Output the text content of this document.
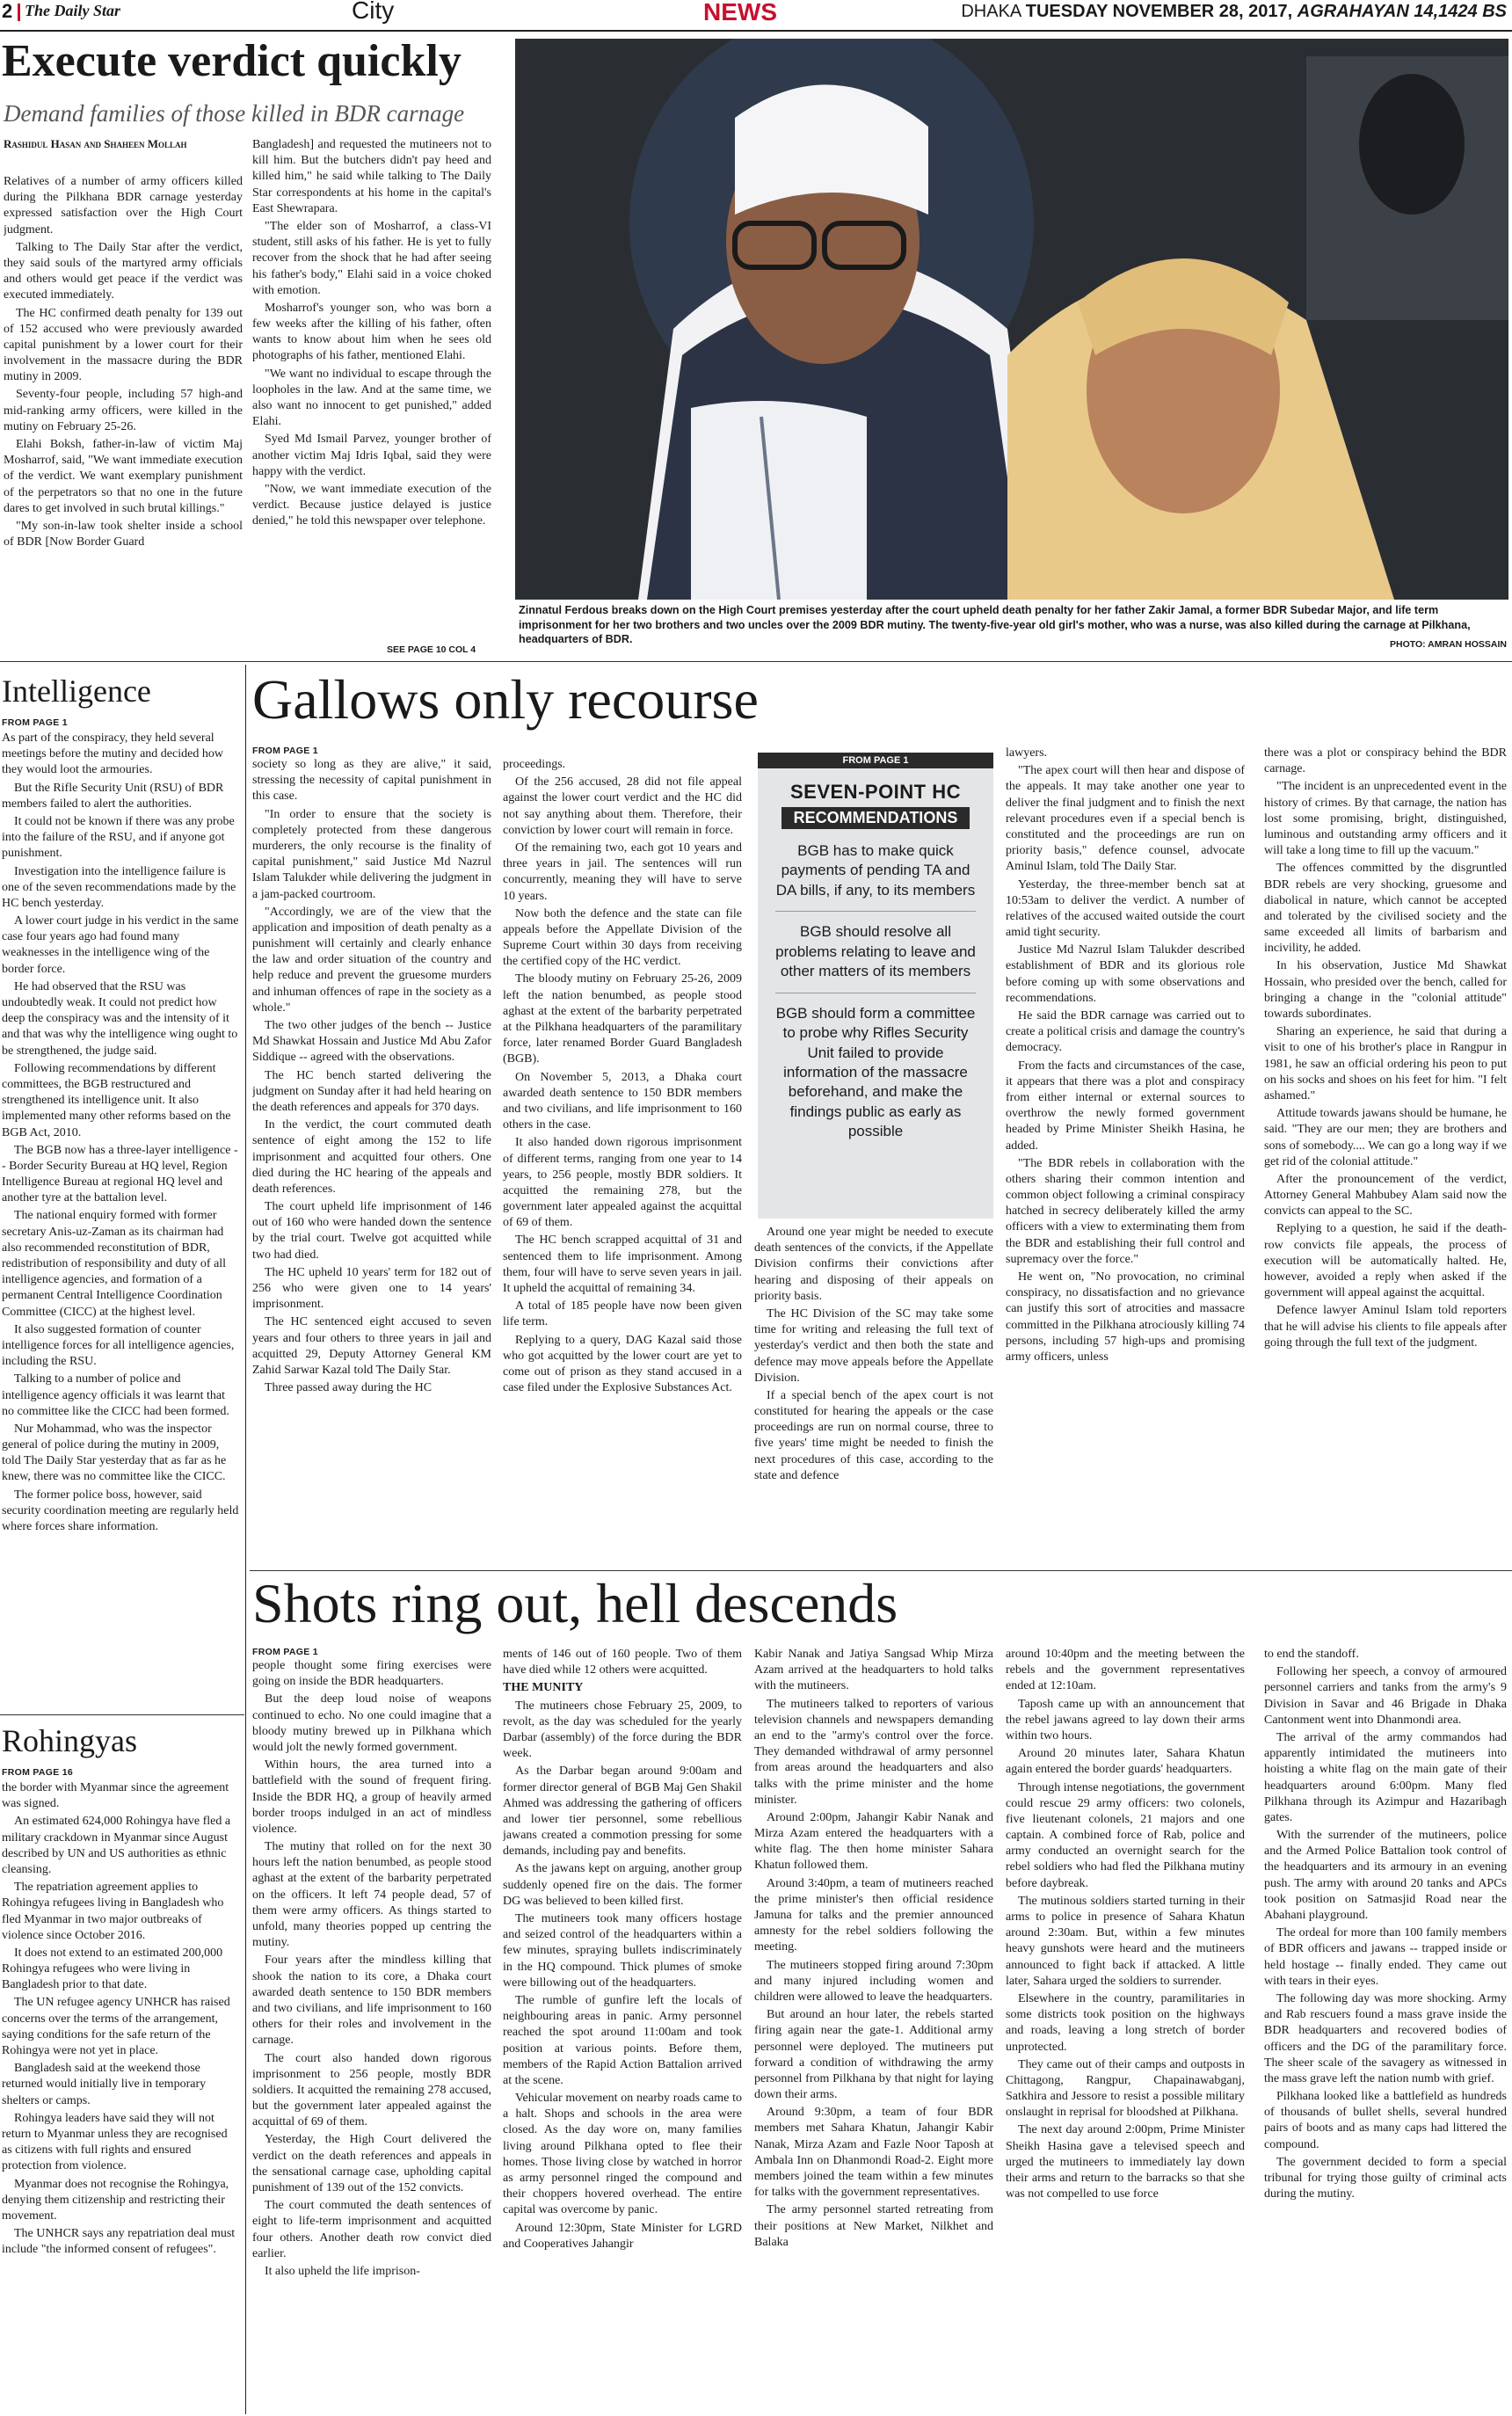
2 The Daily Star	City	NEWS	DHAKA TUESDAY NOVEMBER 28, 2017, AGRAHAYAN 14,1424 BS
Execute verdict quickly
Demand families of those killed in BDR carnage
Rashidul Hasan and Shaheen Mollah

Relatives of a number of army officers killed during the Pilkhana BDR carnage yesterday expressed satisfaction over the High Court judgment.

Talking to The Daily Star after the verdict, they said souls of the martyred army officials and others would get peace if the verdict was executed immediately.

The HC confirmed death penalty for 139 out of 152 accused who were previously awarded capital punishment by a lower court for their involvement in the massacre during the BDR mutiny in 2009.

Seventy-four people, including 57 high-and mid-ranking army officers, were killed in the mutiny on February 25-26.

Elahi Boksh, father-in-law of victim Maj Mosharrof, said, "We want immediate execution of the verdict. We want exemplary punishment of the perpetrators so that no one in the future dares to get involved in such brutal killings."

"My son-in-law took shelter inside a school of BDR [Now Border Guard

Bangladesh] and requested the mutineers not to kill him. But the butchers didn't pay heed and killed him," he said while talking to The Daily Star correspondents at his home in the capital's East Shewrapara.

"The elder son of Mosharrof, a class-VI student, still asks of his father. He is yet to fully recover from the shock that he had after seeing his father's body," Elahi said in a voice choked with emotion.

Mosharrof's younger son, who was born a few weeks after the killing of his father, often wants to know about him when he sees old photographs of his father, mentioned Elahi.

"We want no individual to escape through the loopholes in the law. And at the same time, we also want no innocent to get punished," added Elahi.

Syed Md Ismail Parvez, younger brother of another victim Maj Idris Iqbal, said they were happy with the verdict.

"Now, we want immediate execution of the verdict. Because justice delayed is justice denied," he told this newspaper over telephone.

SEE PAGE 10 COL 4
Zinnatul Ferdous breaks down on the High Court premises yesterday after the court upheld death penalty for her father Zakir Jamal, a former BDR Subedar Major, and life term imprisonment for her two brothers and two uncles over the 2009 BDR mutiny. The twenty-five-year old girl's mother, who was a nurse, was also killed during the carnage at Pilkhana, headquarters of BDR.	PHOTO: AMRAN HOSSAIN
Intelligence
FROM PAGE 1

As part of the conspiracy, they held several meetings before the mutiny and decided how they would loot the armouries.

But the Rifle Security Unit (RSU) of BDR members failed to alert the authorities.

It could not be known if there was any probe into the failure of the RSU, and if anyone got punishment.

Investigation into the intelligence failure is one of the seven recommendations made by the HC bench yesterday.

A lower court judge in his verdict in the same case four years ago had found many weaknesses in the intelligence wing of the border force.

He had observed that the RSU was undoubtedly weak. It could not predict how deep the conspiracy was and the intensity of it and that was why the intelligence wing ought to be strengthened, the judge said.

Following recommendations by different committees, the BGB restructured and strengthened its intelligence unit. It also implemented many other reforms based on the BGB Act, 2010.

The BGB now has a three-layer intelligence -- Border Security Bureau at HQ level, Region Intelligence Bureau at regional HQ level and another tyre at the battalion level.

The national enquiry formed with former secretary Anis-uz-Zaman as its chairman had also recommended reconstitution of BDR, redistribution of responsibility and duty of all intelligence agencies, and formation of a permanent Central Intelligence Coordination Committee (CICC) at the highest level.

It also suggested formation of counter intelligence forces for all intelligence agencies, including the RSU.

Talking to a number of police and intelligence agency officials it was learnt that no committee like the CICC had been formed.

Nur Mohammad, who was the inspector general of police during the mutiny in 2009, told The Daily Star yesterday that as far as he knew, there was no committee like the CICC.

The former police boss, however, said security coordination meeting are regularly held where forces share information.

Rohingyas
FROM PAGE 16

the border with Myanmar since the agreement was signed.

An estimated 624,000 Rohingya have fled a military crackdown in Myanmar since August described by UN and US authorities as ethnic cleansing.

The repatriation agreement applies to Rohingya refugees living in Bangladesh who fled Myanmar in two major outbreaks of violence since October 2016.

It does not extend to an estimated 200,000 Rohingya refugees who were living in Bangladesh prior to that date.

The UN refugee agency UNHCR has raised concerns over the terms of the arrangement, saying conditions for the safe return of the Rohingya were not yet in place.

Bangladesh said at the weekend those returned would initially live in temporary shelters or camps.

Rohingya leaders have said they will not return to Myanmar unless they are recognised as citizens with full rights and ensured protection from violence.

Myanmar does not recognise the Rohingya, denying them citizenship and restricting their movement.

The UNHCR says any repatriation deal must include "the informed consent of refugees".

Gallows only recourse
FROM PAGE 1

society so long as they are alive," it said, stressing the necessity of capital punishment in this case.

"In order to ensure that the society is completely protected from these dangerous murderers, the only recourse is the finality of capital punishment," said Justice Md Nazrul Islam Talukder while delivering the judgment in a jam-packed courtroom.

"Accordingly, we are of the view that the application and imposition of death penalty as a punishment will certainly and clearly enhance the law and order situation of the country and help reduce and prevent the gruesome murders and inhuman offences of rape in the society as a whole."

The two other judges of the bench -- Justice Md Shawkat Hossain and Justice Md Abu Zafor Siddique -- agreed with the observations.

The HC bench started delivering the judgment on Sunday after it had held hearing on the death references and appeals for 370 days.

In the verdict, the court commuted death sentence of eight among the 152 to life imprisonment and acquitted four others. One died during the HC hearing of the appeals and death references.

The court upheld life imprisonment of 146 out of 160 who were handed down the sentence by the trial court. Twelve got acquitted while two had died.

The HC upheld 10 years' term for 182 out of 256 who were given one to 14 years' imprisonment.

The HC sentenced eight accused to seven years and four others to three years in jail and acquitted 29, Deputy Attorney General KM Zahid Sarwar Kazal told The Daily Star.

Three passed away during the HC

proceedings.

Of the 256 accused, 28 did not file appeal against the lower court verdict and the HC did not say anything about them. Therefore, their conviction by lower court will remain in force.

Of the remaining two, each got 10 years and three years in jail. The sentences will run concurrently, meaning they will have to serve 10 years.

Now both the defence and the state can file appeals before the Appellate Division of the Supreme Court within 30 days from receiving the certified copy of the HC verdict.

The bloody mutiny on February 25-26, 2009 left the nation benumbed, as people stood aghast at the extent of the barbarity perpetrated at the Pilkhana headquarters of the paramilitary force, later renamed Border Guard Bangladesh (BGB).

On November 5, 2013, a Dhaka court awarded death sentence to 150 BDR members and two civilians, and life imprisonment to 160 others in the case.

It also handed down rigorous imprisonment of different terms, ranging from one year to 14 years, to 256 people, mostly BDR soldiers. It acquitted the remaining 278, but the government later appealed against the acquittal of 69 of them.

The HC bench scrapped acquittal of 31 and sentenced them to life imprisonment. Among them, four will have to serve seven years in jail. It upheld the acquittal of remaining 34.

A total of 185 people have now been given life term.

Replying to a query, DAG Kazal said those who got acquitted by the lower court are yet to come out of prison as they stand accused in a case filed under the Explosive Substances Act.

FROM PAGE 1
SEVEN-POINT HC
RECOMMENDATIONS
BGB has to make quick payments of pending TA and DA bills, if any, to its members
BGB should resolve all problems relating to leave and other matters of its members
BGB should form a committee to probe why Rifles Security Unit failed to provide information of the massacre beforehand, and make the findings public as early as possible

Around one year might be needed to execute death sentences of the convicts, if the Appellate Division confirms their convictions after hearing and disposing of their appeals on priority basis.

The HC Division of the SC may take some time for writing and releasing the full text of yesterday's verdict and then both the state and defence may move appeals before the Appellate Division.

If a special bench of the apex court is not constituted for hearing the appeals or the case proceedings are run on normal course, three to five years' time might be needed to finish the next procedures of this case, according to the state and defence

lawyers.

"The apex court will then hear and dispose of the appeals. It may take another one year to deliver the final judgment and to finish the next relevant procedures even if a special bench is constituted and the proceedings are run on priority basis," defence counsel, advocate Aminul Islam, told The Daily Star.

Yesterday, the three-member bench sat at 10:53am to deliver the verdict. A number of relatives of the accused waited outside the court amid tight security.

Justice Md Nazrul Islam Talukder described establishment of BDR and its glorious role before coming up with some observations and recommendations.

He said the BDR carnage was carried out to create a political crisis and damage the country's democracy.

From the facts and circumstances of the case, it appears that there was a plot and conspiracy from either internal or external sources to overthrow the newly formed government headed by Prime Minister Sheikh Hasina, he added.

"The BDR rebels in collaboration with the others sharing their common intention and common object following a criminal conspiracy hatched in secrecy deliberately killed the army officers with a view to exterminating them from the BDR and establishing their full control and supremacy over the force."

He went on, "No provocation, no criminal conspiracy, no dissatisfaction and no grievance can justify this sort of atrocities and massacre committed in the Pilkhana atrociously killing 74 persons, including 57 high-ups and promising army officers, unless

there was a plot or conspiracy behind the BDR carnage.

"The incident is an unprecedented event in the history of crimes. By that carnage, the nation has lost some promising, bright, distinguished, luminous and outstanding army officers and it will take a long time to fill up the vacuum."

The offences committed by the disgruntled BDR rebels are very shocking, gruesome and diabolical in nature, which cannot be accepted and tolerated by the civilised society and the same exceeded all limits of barbarism and incivility, he added.

In his observation, Justice Md Shawkat Hossain, who presided over the bench, called for bringing a change in the "colonial attitude" towards subordinates.

Sharing an experience, he said that during a visit to one of his brother's place in Rangpur in 1981, he saw an official ordering his peon to put on his socks and shoes on his feet for him. "I felt ashamed."

Attitude towards jawans should be humane, he said. "They are our men; they are brothers and sons of somebody.... We can go a long way if we get rid of the colonial attitude."

After the pronouncement of the verdict, Attorney General Mahbubey Alam said now the convicts can appeal to the SC.

Replying to a question, he said if the death-row convicts file appeals, the process of execution will be automatically halted. He, however, avoided a reply when asked if the government will appeal against the acquittal.

Defence lawyer Aminul Islam told reporters that he will advise his clients to file appeals after going through the full text of the judgment.

Shots ring out, hell descends
FROM PAGE 1

people thought some firing exercises were going on inside the BDR headquarters.

But the deep loud noise of weapons continued to echo. No one could imagine that a bloody mutiny brewed up in Pilkhana which would jolt the newly formed government.

Within hours, the area turned into a battlefield with the sound of frequent firing. Inside the BDR HQ, a group of heavily armed border troops indulged in an act of mindless violence.

The mutiny that rolled on for the next 30 hours left the nation benumbed, as people stood aghast at the extent of the barbarity perpetrated on the officers. It left 74 people dead, 57 of them were army officers. As things started to unfold, many theories popped up centring the mutiny.

Four years after the mindless killing that shook the nation to its core, a Dhaka court awarded death sentence to 150 BDR members and two civilians, and life imprisonment to 160 others for their roles and involvement in the carnage.

The court also handed down rigorous imprisonment to 256 people, mostly BDR soldiers. It acquitted the remaining 278 accused, but the government later appealed against the acquittal of 69 of them.

Yesterday, the High Court delivered the verdict on the death references and appeals in the sensational carnage case, upholding capital punishment of 139 out of the 152 convicts.

The court commuted the death sentences of eight to life-term imprisonment and acquitted four others. Another death row convict died earlier.

It also upheld the life imprison-

ments of 146 out of 160 people. Two of them have died while 12 others were acquitted.

THE MUNITY

The mutineers chose February 25, 2009, to revolt, as the day was scheduled for the yearly Darbar (assembly) of the force during the BDR week.

As the Darbar began around 9:00am and former director general of BGB Maj Gen Shakil Ahmed was addressing the gathering of officers and lower tier personnel, some rebellious jawans created a commotion pressing for some demands, including pay and benefits.

As the jawans kept on arguing, another group suddenly opened fire on the dais. The former DG was believed to been killed first.

The mutineers took many officers hostage and seized control of the headquarters within a few minutes, spraying bullets indiscriminately in the HQ compound. Thick plumes of smoke were billowing out of the headquarters.

The rumble of gunfire left the locals of neighbouring areas in panic. Army personnel reached the spot around 11:00am and took position at various points. Before them, members of the Rapid Action Battalion arrived at the scene.

Vehicular movement on nearby roads came to a halt. Shops and schools in the area were closed. As the day wore on, many families living around Pilkhana opted to flee their homes. Those living close by watched in horror as army personnel ringed the compound and their choppers hovered overhead. The entire capital was overcome by panic.

Around 12:30pm, State Minister for LGRD and Cooperatives Jahangir

Kabir Nanak and Jatiya Sangsad Whip Mirza Azam arrived at the headquarters to hold talks with the mutineers.

The mutineers talked to reporters of various television channels and newspapers demanding an end to the "army's control over the force. They demanded withdrawal of army personnel from areas around the headquarters and also talks with the prime minister and the home minister.

Around 2:00pm, Jahangir Kabir Nanak and Mirza Azam entered the headquarters with a white flag. The then home minister Sahara Khatun followed them.

Around 3:40pm, a team of mutineers reached the prime minister's then official residence Jamuna for talks and the premier announced amnesty for the rebel soldiers following the meeting.

The mutineers stopped firing around 7:30pm and many injured including women and children were allowed to leave the headquarters.

But around an hour later, the rebels started firing again near the gate-1. Additional army personnel were deployed. The mutineers put forward a condition of withdrawing the army personnel from Pilkhana by that night for laying down their arms.

Around 9:30pm, a team of four BDR members met Sahara Khatun, Jahangir Kabir Nanak, Mirza Azam and Fazle Noor Taposh at Ambala Inn on Dhanmondi Road-2. Eight more members joined the team within a few minutes for talks with the government representatives.

The army personnel started retreating from their positions at New Market, Nilkhet and Balaka

around 10:40pm and the meeting between the rebels and the government representatives ended at 12:10am.

Taposh came up with an announcement that the rebel jawans agreed to lay down their arms within two hours.

Around 20 minutes later, Sahara Khatun again entered the border guards' headquarters.

Through intense negotiations, the government could rescue 29 army officers: two colonels, five lieutenant colonels, 21 majors and one captain. A combined force of Rab, police and army conducted an overnight search for the rebel soldiers who had fled the Pilkhana mutiny before daybreak.

The mutinous soldiers started turning in their arms to police in presence of Sahara Khatun around 2:30am. But, within a few minutes heavy gunshots were heard and the mutineers announced to fight back if attacked. A little later, Sahara urged the soldiers to surrender.

Elsewhere in the country, paramilitaries in some districts took position on the highways and roads, leaving a long stretch of border unprotected.

They came out of their camps and outposts in Chittagong, Rangpur, Chapainawabganj, Satkhira and Jessore to resist a possible military onslaught in reprisal for bloodshed at Pilkhana.

The next day around 2:00pm, Prime Minister Sheikh Hasina gave a televised speech and urged the mutineers to immediately lay down their arms and return to the barracks so that she was not compelled to use force

to end the standoff.

Following her speech, a convoy of armoured personnel carriers and tanks from the army's 9 Division in Savar and 46 Brigade in Dhaka Cantonment went into Dhanmondi area.

The arrival of the army commandos had apparently intimidated the mutineers into hoisting a white flag on the main gate of their headquarters around 6:00pm. Many fled Pilkhana through its Azimpur and Hazaribagh gates.

With the surrender of the mutineers, police and the Armed Police Battalion took control of the headquarters and its armoury in an evening push. The army with around 20 tanks and APCs took position on Satmasjid Road near the Abahani playground.

The ordeal for more than 100 family members of BDR officers and jawans -- trapped inside or held hostage -- finally ended. They came out with tears in their eyes.

The following day was more shocking. Army and Rab rescuers found a mass grave inside the BDR headquarters and recovered bodies of officers and the DG of the paramilitary force. The sheer scale of the savagery as witnessed in the mass grave left the nation numb with grief.

Pilkhana looked like a battlefield as hundreds of thousands of bullet shells, several hundred pairs of boots and as many caps had littered the compound.

The government decided to form a special tribunal for trying those guilty of criminal acts during the mutiny.
